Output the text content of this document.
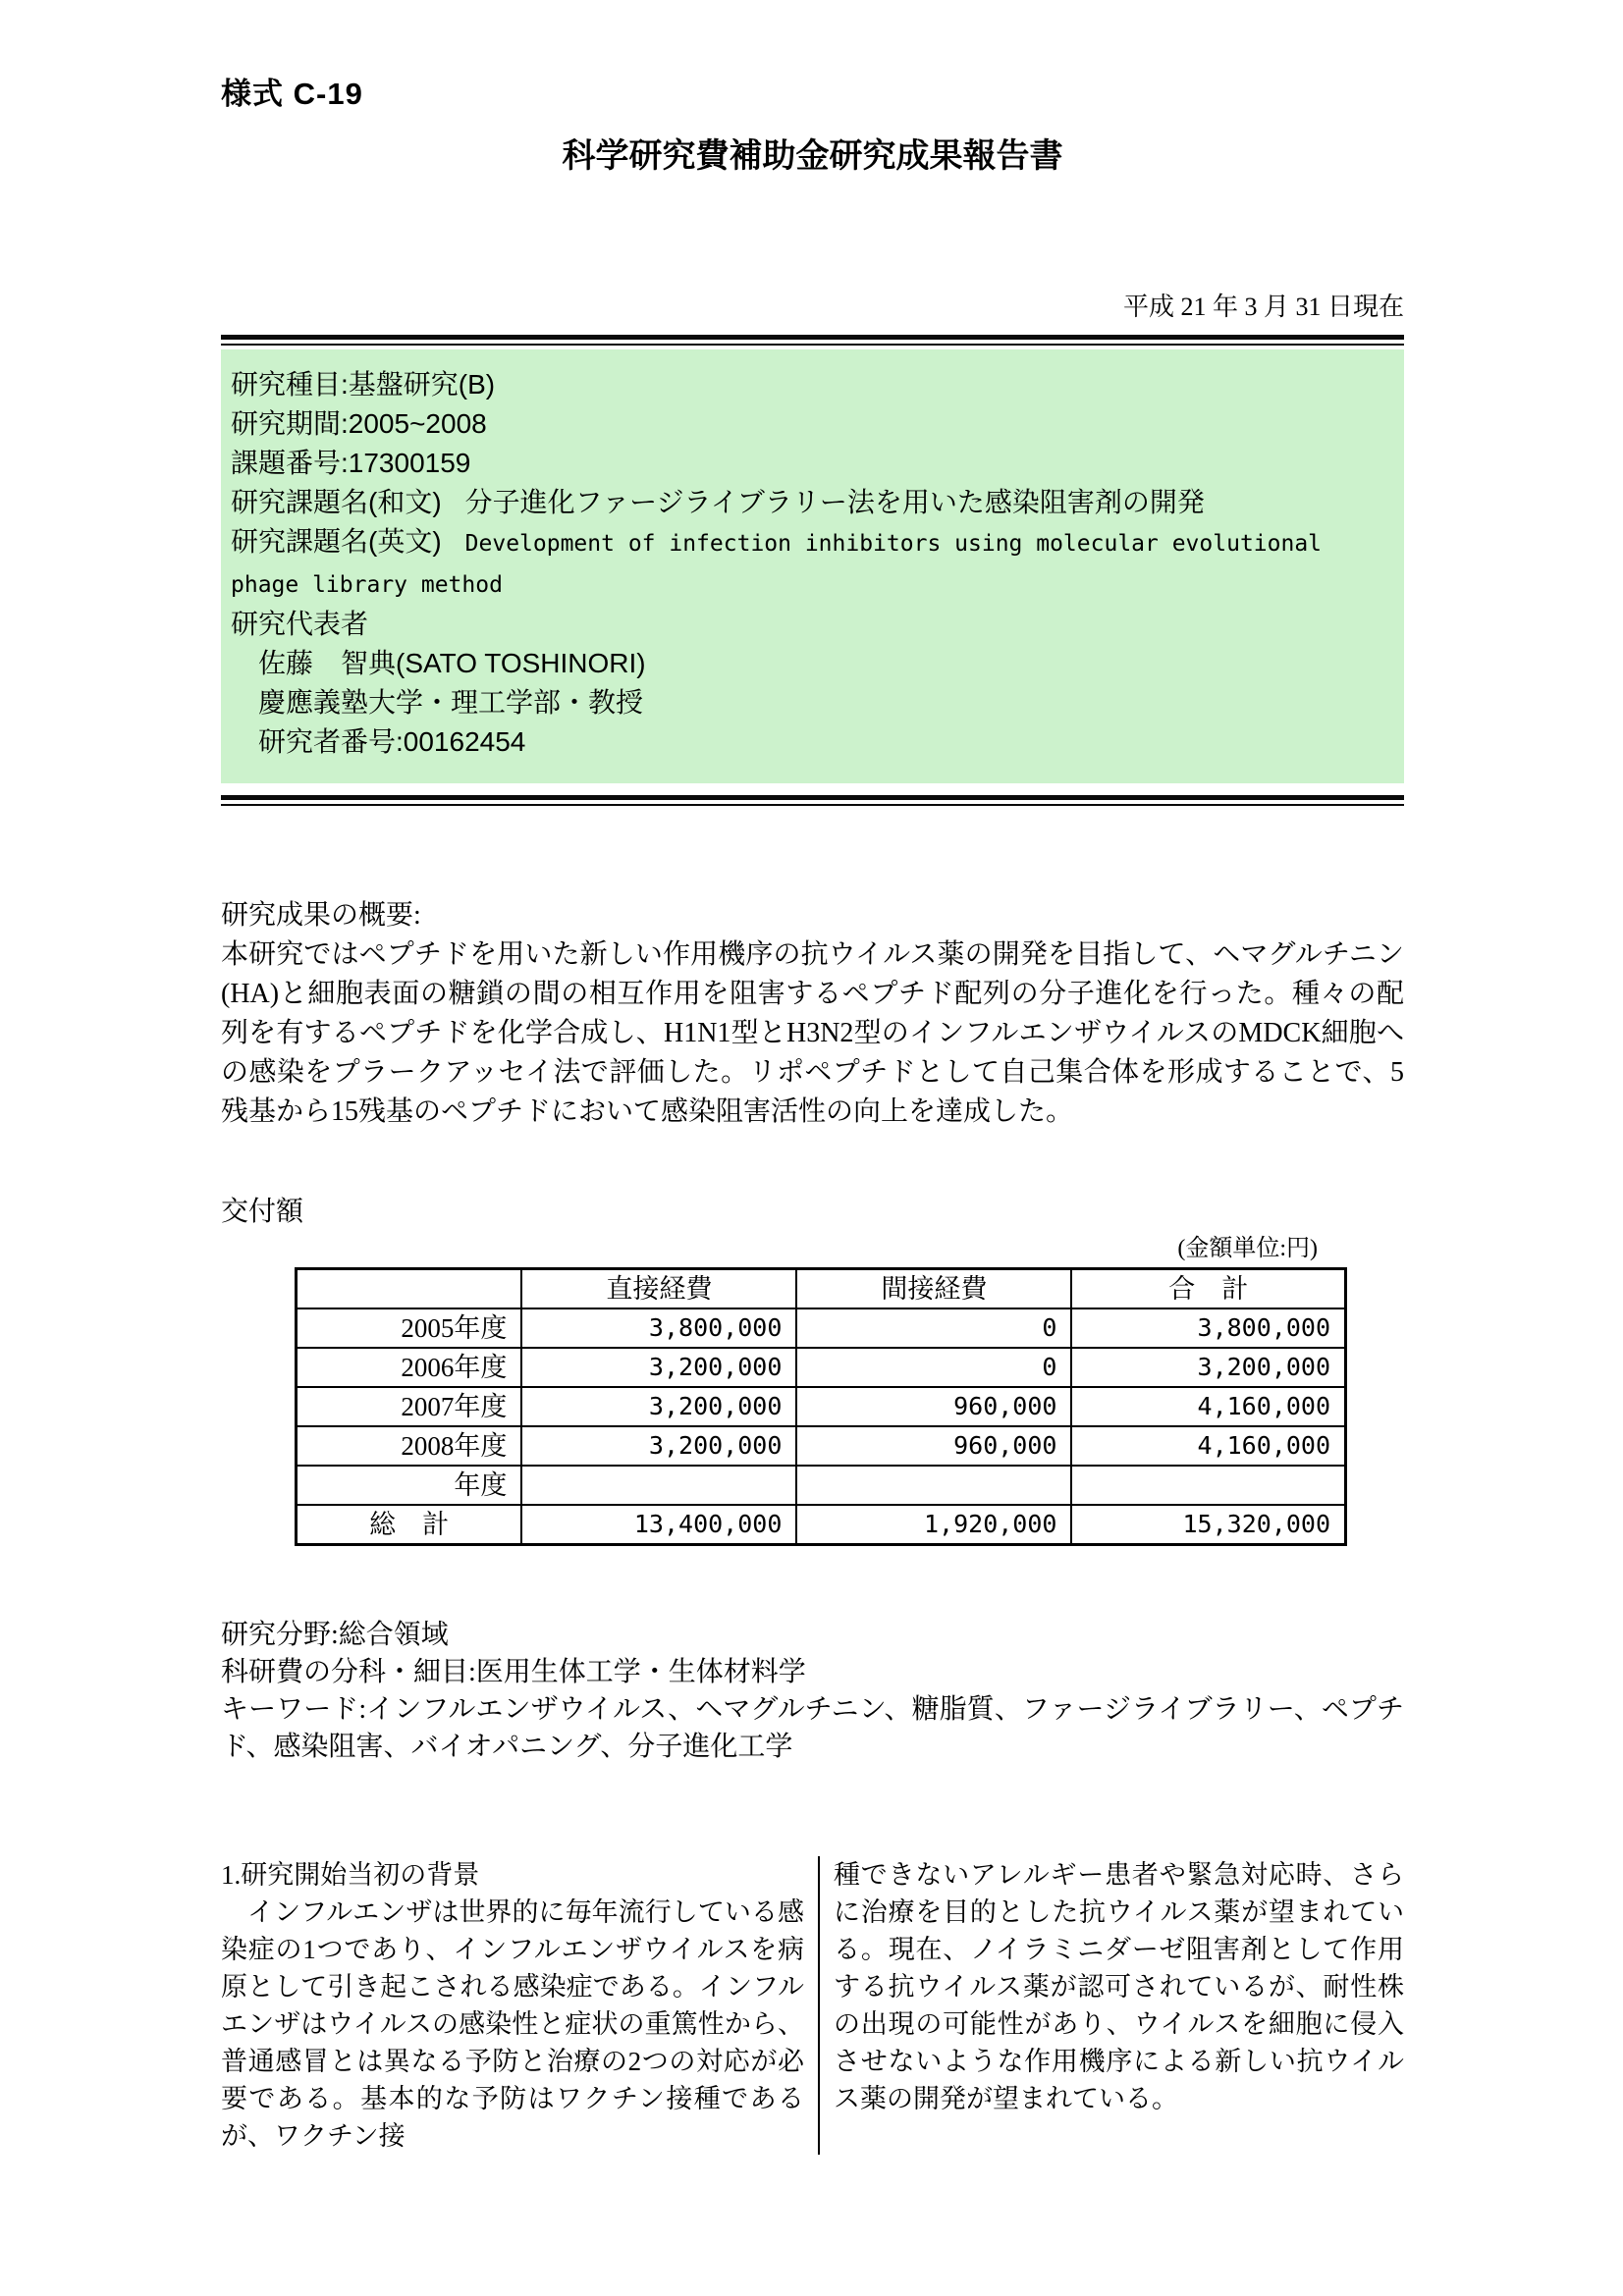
様式 C-19
科学研究費補助金研究成果報告書
平成 21 年 3 月 31 日現在
研究種目:基盤研究(B)
研究期間:2005~2008
課題番号:17300159
研究課題名(和文) 分子進化ファージライブラリー法を用いた感染阻害剤の開発
研究課題名(英文) Development of infection inhibitors using molecular evolutional phage library method
研究代表者
佐藤　智典(SATO TOSHINORI)
慶應義塾大学・理工学部・教授
研究者番号:00162454
研究成果の概要:
本研究ではペプチドを用いた新しい作用機序の抗ウイルス薬の開発を目指して、ヘマグルチニン(HA)と細胞表面の糖鎖の間の相互作用を阻害するペプチド配列の分子進化を行った。種々の配列を有するペプチドを化学合成し、H1N1型とH3N2型のインフルエンザウイルスのMDCK細胞への感染をプラークアッセイ法で評価した。リポペプチドとして自己集合体を形成することで、5残基から15残基のペプチドにおいて感染阻害活性の向上を達成した。
交付額
(金額単位:円)
	直接経費	間接経費	合　計
2005年度	3,800,000	0	3,800,000
2006年度	3,200,000	0	3,200,000
2007年度	3,200,000	960,000	4,160,000
2008年度	3,200,000	960,000	4,160,000
年度			
総　計	13,400,000	1,920,000	15,320,000
研究分野:総合領域
科研費の分科・細目:医用生体工学・生体材料学
キーワード:インフルエンザウイルス、ヘマグルチニン、糖脂質、ファージライブラリー、ペプチド、感染阻害、バイオパニング、分子進化工学
1.研究開始当初の背景
　インフルエンザは世界的に毎年流行している感染症の1つであり、インフルエンザウイルスを病原として引き起こされる感染症である。インフルエンザはウイルスの感染性と症状の重篤性から、普通感冒とは異なる予防と治療の2つの対応が必要である。基本的な予防はワクチン接種であるが、ワクチン接
種できないアレルギー患者や緊急対応時、さらに治療を目的とした抗ウイルス薬が望まれている。現在、ノイラミニダーゼ阻害剤として作用する抗ウイルス薬が認可されているが、耐性株の出現の可能性があり、ウイルスを細胞に侵入させないような作用機序による新しい抗ウイルス薬の開発が望まれている。
